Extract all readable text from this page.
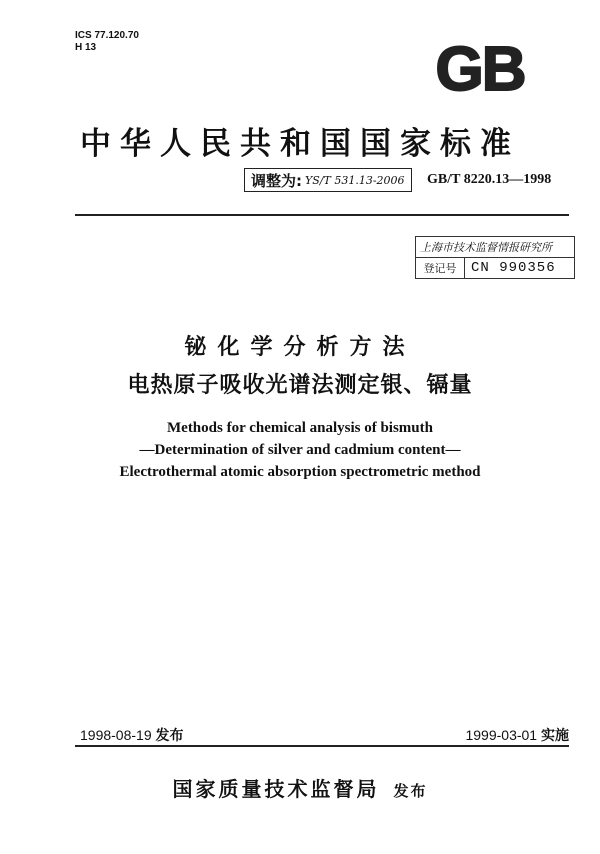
ICS 77.120.70
H 13	GB
中华人民共和国国家标准
调整为: YS/T 531.13-2006 GB/T 8220.13—1998
上海市技术监督情报研究所
登记号	CN 990356
铋化学分析方法
电热原子吸收光谱法测定银、镉量
Methods for chemical analysis of bismuth
—Determination of silver and cadmium content—
Electrothermal atomic absorption spectrometric method
1998-08-19 发布	1999-03-01 实施
国家质量技术监督局 发布
